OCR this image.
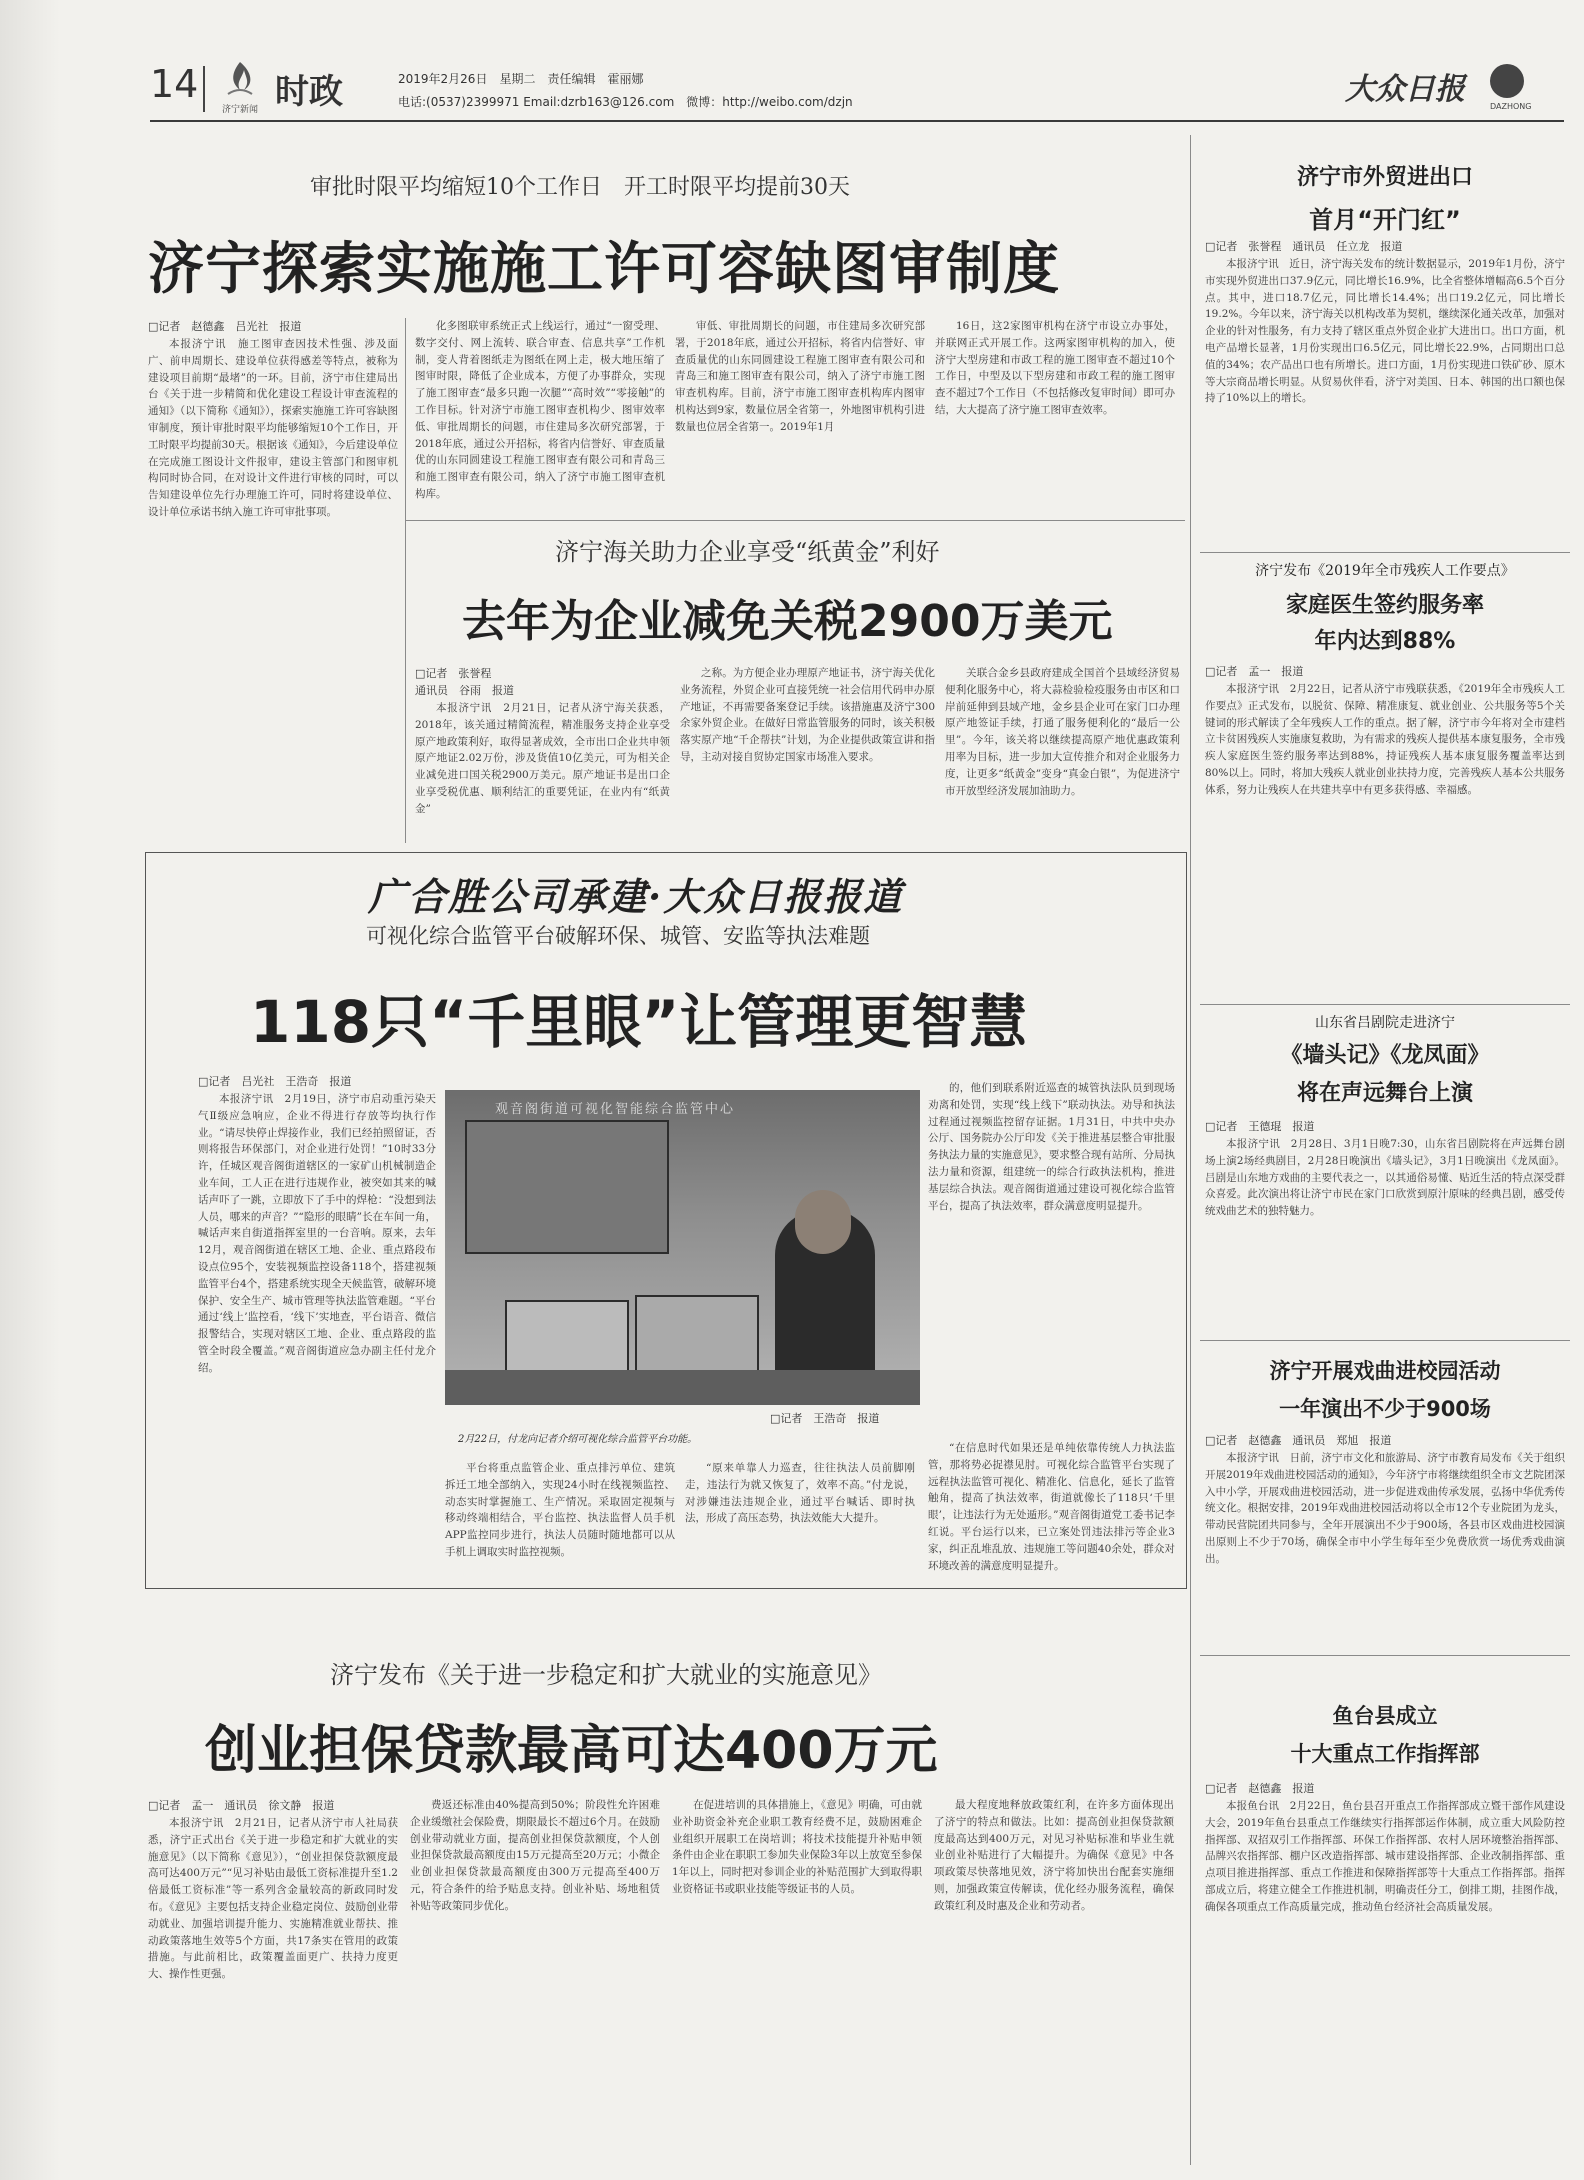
14
济宁新闻 时政	2019年2月26日　星期二　责任编辑　霍丽娜
电话:(0537)2399971 Email:dzrb163@126.com　微博：http://weibo.com/dzjn	大众日报	DAZHONG
审批时限平均缩短10个工作日　开工时限平均提前30天
济宁探索实施施工许可容缺图审制度
□记者　赵德鑫　吕光社　报道

本报济宁讯　施工图审查因技术性强、涉及面广、前申周期长、建设单位获得感差等特点，被称为建设项目前期“最堵”的一环。目前，济宁市住建局出台《关于进一步精简和优化建设工程设计审查流程的通知》（以下简称《通知》），探索实施施工许可容缺图审制度，预计审批时限平均能够缩短10个工作日，开工时限平均提前30天。根据该《通知》，今后建设单位在完成施工图设计文件报审，建设主管部门和图审机构同时协合同，在对设计文件进行审核的同时，可以告知建设单位先行办理施工许可，同时将建设单位、设计单位承诺书纳入施工许可审批事项。

化多图联审系统正式上线运行，通过“一窗受理、数字交付、网上流转、联合审查、信息共享”工作机制，变人背着图纸走为图纸在网上走，极大地压缩了图审时限，降低了企业成本，方便了办事群众，实现了施工图审查“最多只跑一次腿”“高时效”“零接触”的工作目标。针对济宁市施工图审查机构少、图审效率低、审批周期长的问题，市住建局多次研究部署，于2018年底，通过公开招标，将省内信誉好、审查质量优的山东同圆建设工程施工图审查有限公司和青岛三和施工图审查有限公司，纳入了济宁市施工图审查机构库。

审低、审批周期长的问题，市住建局多次研究部署，于2018年底，通过公开招标，将省内信誉好、审查质量优的山东同圆建设工程施工图审查有限公司和青岛三和施工图审查有限公司，纳入了济宁市施工图审查机构库。目前，济宁市施工图审查机构库内图审机构达到9家，数量位居全省第一，外地图审机构引进数量也位居全省第一。2019年1月

16日，这2家图审机构在济宁市设立办事处，并联网正式开展工作。这两家图审机构的加入，使济宁大型房建和市政工程的施工图审查不超过10个工作日，中型及以下型房建和市政工程的施工图审查不超过7个工作日（不包括修改复审时间）即可办结，大大提高了济宁施工图审查效率。

济宁海关助力企业享受“纸黄金”利好
去年为企业减免关税2900万美元
□记者　张誉程
通讯员　谷雨　报道

本报济宁讯　2月21日，记者从济宁海关获悉，2018年，该关通过精简流程，精准服务支持企业享受原产地政策利好，取得显著成效，全市出口企业共申领原产地证2.02万份，涉及货值10亿美元，可为相关企业减免进口国关税2900万美元。原产地证书是出口企业享受税优惠、顺利结汇的重要凭证，在业内有“纸黄金”

之称。为方便企业办理原产地证书，济宁海关优化业务流程，外贸企业可直接凭统一社会信用代码申办原产地证，不再需要备案登记手续。该措施惠及济宁300余家外贸企业。在做好日常监管服务的同时，该关积极落实原产地“千企帮扶”计划，为企业提供政策宣讲和指导，主动对接自贸协定国家市场准入要求。

关联合金乡县政府建成全国首个县域经济贸易便利化服务中心，将大蒜检验检疫服务由市区和口岸前延伸到县域产地，金乡县企业可在家门口办理原产地签证手续，打通了服务便利化的“最后一公里”。今年，该关将以继续提高原产地优惠政策利用率为目标，进一步加大宣传推介和对企业服务力度，让更多“纸黄金”变身“真金白银”，为促进济宁市开放型经济发展加油助力。

广合胜公司承建·大众日报报道
可视化综合监管平台破解环保、城管、安监等执法难题
118只“千里眼”让管理更智慧
□记者　吕光社　王浩奇　报道

本报济宁讯　2月19日，济宁市启动重污染天气Ⅱ级应急响应，企业不得进行存放等均执行作业。“请尽快停止焊接作业，我们已经拍照留证，否则将报告环保部门，对企业进行处罚！”10时33分许，任城区观音阁街道辖区的一家矿山机械制造企业车间，工人正在进行违规作业，被突如其来的喊话声吓了一跳，立即放下了手中的焊枪：“没想到法人员，哪来的声音？”“隐形的眼睛”长在车间一角，喊话声来自街道指挥室里的一台音响。原来，去年12月，观音阁街道在辖区工地、企业、重点路段布设点位95个，安装视频监控设备118个，搭建视频监管平台4个，搭建系统实现全天候监管，破解环境保护、安全生产、城市管理等执法监管难题。“平台通过‘线上’监控看，‘线下’实地查，平台语音、微信报警结合，实现对辖区工地、企业、重点路段的监管全时段全覆盖。”观音阁街道应急办副主任付龙介绍。

观音阁街道可视化智能综合监管中心
□记者　王浩奇　报道
2月22日，付龙向记者介绍可视化综合监管平台功能。

平台将重点监管企业、重点排污单位、建筑拆迁工地全部纳入，实现24小时在线视频监控、动态实时掌握施工、生产情况。采取固定视频与移动终端相结合，平台监控、执法监督人员手机APP监控同步进行，执法人员随时随地都可以从手机上调取实时监控视频。

“原来单靠人力巡查，往往执法人员前脚刚走，违法行为就又恢复了，效率不高。”付龙说，对涉嫌违法违规企业，通过平台喊话、即时执法，形成了高压态势，执法效能大大提升。

的，他们到联系附近巡查的城管执法队员到现场劝离和处罚，实现“线上线下”联动执法。劝导和执法过程通过视频监控留存证据。1月31日，中共中央办公厅、国务院办公厅印发《关于推进基层整合审批服务执法力量的实施意见》，要求整合现有站所、分局执法力量和资源，组建统一的综合行政执法机构，推进基层综合执法。观音阁街道通过建设可视化综合监管平台，提高了执法效率，群众满意度明显提升。

“在信息时代如果还是单纯依靠传统人力执法监管，那将势必捉襟见肘。可视化综合监管平台实现了远程执法监管可视化、精准化、信息化，延长了监管触角，提高了执法效率，街道就像长了118只‘千里眼’，让违法行为无处遁形。”观音阁街道党工委书记李红说。平台运行以来，已立案处罚违法排污等企业3家，纠正乱堆乱放、违规施工等问题40余处，群众对环境改善的满意度明显提升。

济宁发布《关于进一步稳定和扩大就业的实施意见》
创业担保贷款最高可达400万元
□记者　孟一　通讯员　徐文静　报道

本报济宁讯　2月21日，记者从济宁市人社局获悉，济宁正式出台《关于进一步稳定和扩大就业的实施意见》（以下简称《意见》），“创业担保贷款额度最高可达400万元”“见习补贴由最低工资标准提升至1.2倍最低工资标准”等一系列含金量较高的新政同时发布。《意见》主要包括支持企业稳定岗位、鼓励创业带动就业、加强培训提升能力、实施精准就业帮扶、推动政策落地生效等5个方面，共17条实在管用的政策措施。与此前相比，政策覆盖面更广、扶持力度更大、操作性更强。

费返还标准由40%提高到50%；阶段性允许困难企业缓缴社会保险费，期限最长不超过6个月。在鼓励创业带动就业方面，提高创业担保贷款额度，个人创业担保贷款最高额度由15万元提高至20万元；小微企业创业担保贷款最高额度由300万元提高至400万元，符合条件的给予贴息支持。创业补贴、场地租赁补贴等政策同步优化。

在促进培训的具体措施上，《意见》明确，可由就业补助资金补充企业职工教育经费不足，鼓励困难企业组织开展职工在岗培训；将技术技能提升补贴申领条件由企业在职职工参加失业保险3年以上放宽至参保1年以上，同时把对参训企业的补贴范围扩大到取得职业资格证书或职业技能等级证书的人员。

最大程度地释放政策红利，在许多方面体现出了济宁的特点和做法。比如：提高创业担保贷款额度最高达到400万元，对见习补贴标准和毕业生就业创业补贴进行了大幅提升。为确保《意见》中各项政策尽快落地见效，济宁将加快出台配套实施细则，加强政策宣传解读，优化经办服务流程，确保政策红利及时惠及企业和劳动者。

济宁市外贸进出口
首月“开门红”
□记者　张誉程　通讯员　任立龙　报道

本报济宁讯　近日，济宁海关发布的统计数据显示，2019年1月份，济宁市实现外贸进出口37.9亿元，同比增长16.9%，比全省整体增幅高6.5个百分点。其中，进口18.7亿元，同比增长14.4%；出口19.2亿元，同比增长19.2%。今年以来，济宁海关以机构改革为契机，继续深化通关改革，加强对企业的针对性服务，有力支持了辖区重点外贸企业扩大进出口。出口方面，机电产品增长显著，1月份实现出口6.5亿元，同比增长22.9%，占同期出口总值的34%；农产品出口也有所增长。进口方面，1月份实现进口铁矿砂、原木等大宗商品增长明显。从贸易伙伴看，济宁对美国、日本、韩国的出口额也保持了10%以上的增长。

济宁发布《2019年全市残疾人工作要点》
家庭医生签约服务率
年内达到88%
□记者　孟一　报道

本报济宁讯　2月22日，记者从济宁市残联获悉，《2019年全市残疾人工作要点》正式发布，以脱贫、保障、精准康复、就业创业、公共服务等5个关键词的形式解读了全年残疾人工作的重点。据了解，济宁市今年将对全市建档立卡贫困残疾人实施康复救助，为有需求的残疾人提供基本康复服务，全市残疾人家庭医生签约服务率达到88%，持证残疾人基本康复服务覆盖率达到80%以上。同时，将加大残疾人就业创业扶持力度，完善残疾人基本公共服务体系，努力让残疾人在共建共享中有更多获得感、幸福感。

山东省吕剧院走进济宁
《墙头记》《龙凤面》
将在声远舞台上演
□记者　王德琨　报道

本报济宁讯　2月28日、3月1日晚7:30，山东省吕剧院将在声远舞台剧场上演2场经典剧目，2月28日晚演出《墙头记》，3月1日晚演出《龙凤面》。吕剧是山东地方戏曲的主要代表之一，以其通俗易懂、贴近生活的特点深受群众喜爱。此次演出将让济宁市民在家门口欣赏到原汁原味的经典吕剧，感受传统戏曲艺术的独特魅力。

济宁开展戏曲进校园活动
一年演出不少于900场
□记者　赵德鑫　通讯员　郑旭　报道

本报济宁讯　日前，济宁市文化和旅游局、济宁市教育局发布《关于组织开展2019年戏曲进校园活动的通知》，今年济宁市将继续组织全市文艺院团深入中小学，开展戏曲进校园活动，进一步促进戏曲传承发展，弘扬中华优秀传统文化。根据安排，2019年戏曲进校园活动将以全市12个专业院团为龙头，带动民营院团共同参与，全年开展演出不少于900场，各县市区戏曲进校园演出原则上不少于70场，确保全市中小学生每年至少免费欣赏一场优秀戏曲演出。

鱼台县成立
十大重点工作指挥部
□记者　赵德鑫　报道

本报鱼台讯　2月22日，鱼台县召开重点工作指挥部成立暨干部作风建设大会，2019年鱼台县重点工作继续实行指挥部运作体制，成立重大风险防控指挥部、双招双引工作指挥部、环保工作指挥部、农村人居环境整治指挥部、品牌兴农指挥部、棚户区改造指挥部、城市建设指挥部、企业改制指挥部、重点项目推进指挥部、重点工作推进和保障指挥部等十大重点工作指挥部。指挥部成立后，将建立健全工作推进机制，明确责任分工，倒排工期，挂图作战，确保各项重点工作高质量完成，推动鱼台经济社会高质量发展。
